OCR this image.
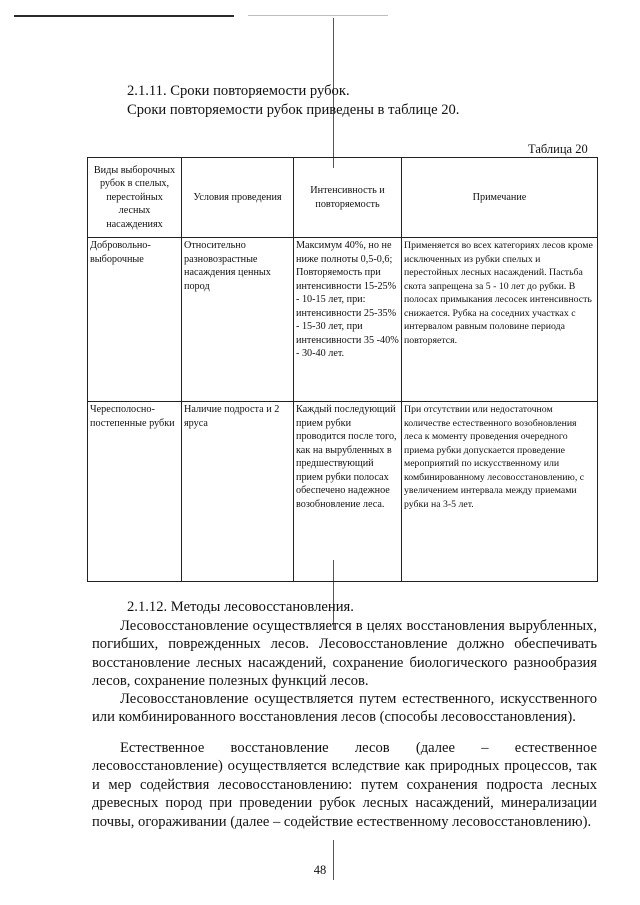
2.1.11. Сроки повторяемости рубок.
Сроки повторяемости рубок приведены в таблице 20.
Таблица 20
Виды выборочных рубок в спелых, перестойных лесных насаждениях	Условия проведения	Интенсивность и повторяемость	Примечание
Добровольно-выборочные	Относительно разновозрастные насаждения ценных пород	Максимум 40%, но не ниже полноты 0,5-0,6; Повторяемость при интенсивности 15-25% - 10-15 лет, при: интенсивности 25-35% - 15-30 лет, при интенсивности 35 -40% - 30-40 лет.	Применяется во всех категориях лесов кроме исключенных из рубки спелых и перестойных лесных насаждений. Пастьба скота запрещена за 5 - 10 лет до рубки. В полосах примыкания лесосек интенсивность снижается. Рубка на соседних участках с интервалом равным половине периода повторяется.
Чересполосно-постепенные рубки	Наличие подроста и 2 яруса	Каждый последующий прием рубки проводится после того, как на вырубленных в предшествующий прием рубки полосах обеспечено надежное возобновление леса.	При отсутствии или недостаточном количестве естественного возобновления леса к моменту проведения очередного приема рубки допускается проведение мероприятий по искусственному или комбинированному лесовосстановлению, с увеличением интервала между приемами рубки на 3-5 лет.
2.1.12. Методы лесовосстановления.
Лесовосстановление осуществляется в целях восстановления вырубленных, погибших, поврежденных лесов. Лесовосстановление должно обеспечивать восстановление лесных насаждений, сохранение биологического разнообразия лесов, сохранение полезных функций лесов.
Лесовосстановление осуществляется путем естественного, искусственного или комбинированного восстановления лесов (способы лесовосстановления).
Естественное восстановление лесов (далее – естественное лесовосстановление) осуществляется вследствие как природных процессов, так и мер содействия лесовосстановлению: путем сохранения подроста лесных древесных пород при проведении рубок лесных насаждений, минерализации почвы, огораживании (далее – содействие естественному лесовосстановлению).
48
